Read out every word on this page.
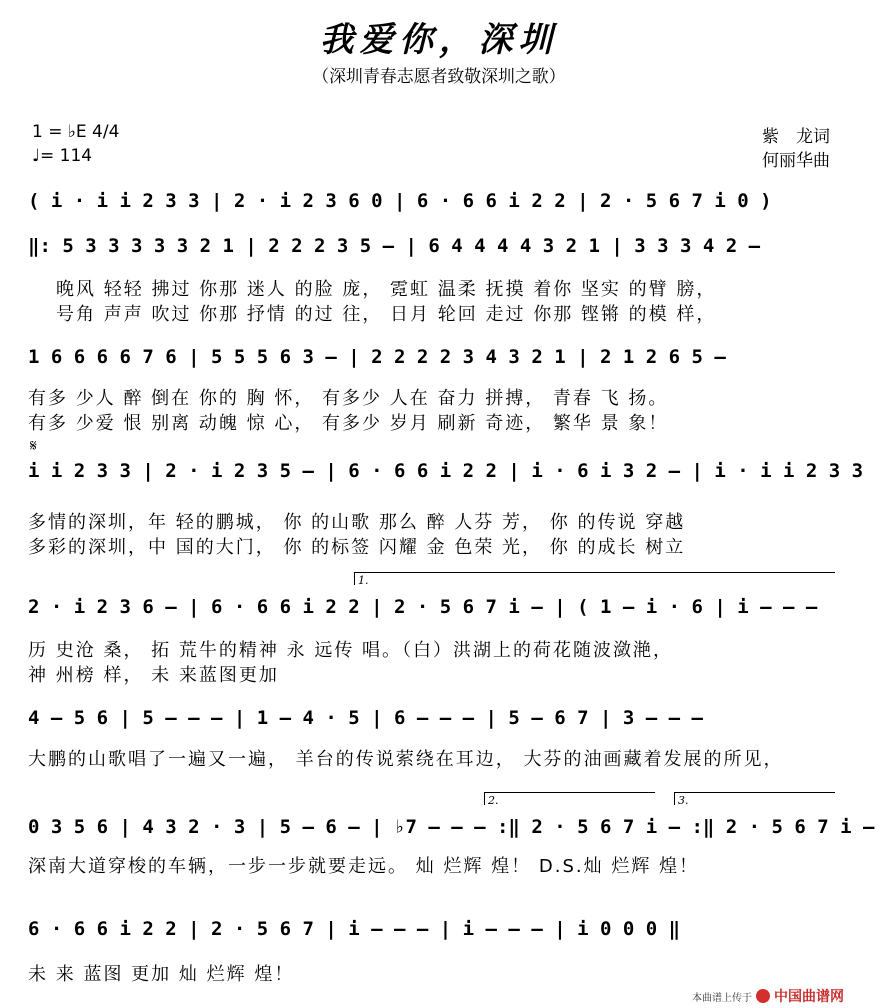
我爱你，深圳
（深圳青春志愿者致敬深圳之歌）
1 = ♭E 4/4
♩= 114
紫　龙词
何丽华曲
( i · i i 2 3 3 | 2 · i 2 3 6 0 | 6 · 6 6 i 2 2 | 2 · 5 6 7 i 0 )
‖: 5 3 3 3 3 3 2 1 | 2 2 2 3 5 – | 6 4 4 4 4 3 2 1 | 3 3 3 4 2 –
晚风 轻轻 拂过 你那 迷人 的脸 庞， 霓虹 温柔 抚摸 着你 坚实 的臂 膀，
号角 声声 吹过 你那 抒情 的过 往， 日月 轮回 走过 你那 铿锵 的模 样，
1 6 6 6 6 7 6 | 5 5 5 6 3 – | 2 2 2 2 3 4 3 2 1 | 2 1 2 6 5 –
有多 少人 醉 倒在 你的 胸 怀， 有多少 人在 奋力 拼搏， 青春 飞 扬。
有多 少爱 恨 别离 动魄 惊 心， 有多少 岁月 刷新 奇迹， 繁华 景 象！
𝄋
i i 2 3 3 | 2 · i 2 3 5 – | 6 · 6 6 i 2 2 | i · 6 i 3 2 – | i · i i 2 3 3
多情的深圳，年 轻的鹏城， 你 的山歌 那么 醉 人芬 芳， 你 的传说 穿越
多彩的深圳，中 国的大门， 你 的标签 闪耀 金 色荣 光， 你 的成长 树立
1.
2 · i 2 3 6 – | 6 · 6 6 i 2 2 | 2 · 5 6 7 i – | ( 1 – i · 6 | i – – –
历 史沧 桑， 拓 荒牛的精神 永 远传 唱。（白）洪湖上的荷花随波潋滟，
神 州榜 样， 未 来蓝图更加
4 – 5 6 | 5 – – – | 1 – 4 · 5 | 6 – – – | 5 – 6 7 | 3 – – –
大鹏的山歌唱了一遍又一遍， 羊台的传说萦绕在耳边， 大芬的油画藏着发展的所见，
2.	3.
0 3 5 6 | 4 3 2 · 3 | 5 – 6 – | ♭7 – – – :‖ 2 · 5 6 7 i – :‖ 2 · 5 6 7 i –
深南大道穿梭的车辆，一步一步就要走远。 灿 烂辉 煌！ D.S.灿 烂辉 煌！
6 · 6 6 i 2 2 | 2 · 5 6 7 | i – – – | i – – – | i 0 0 0 ‖
未 来 蓝图 更加 灿 烂辉 煌！
本曲谱上传于 中国曲谱网
